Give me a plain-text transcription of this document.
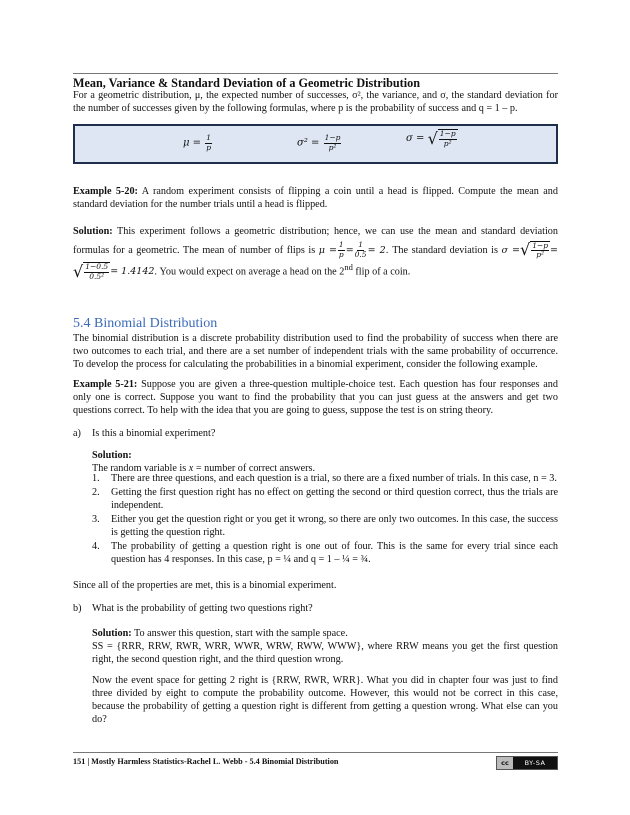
Mean, Variance & Standard Deviation of a Geometric Distribution

For a geometric distribution, μ, the expected number of successes, σ², the variance, and σ, the standard deviation for the number of successes given by the following formulas, where p is the probability of success and q = 1 – p.

$\mu = \frac{1}{p}$	$\sigma^2 = \frac{1-p}{\text{p²}}$	σ = √ $\frac{1-p}{\text{p²}}$

Example 5-20: A random experiment consists of flipping a coin until a head is flipped. Compute the mean and standard deviation for the number trials until a head is flipped.

Solution: This experiment follows a geometric distribution; hence, we can use the mean and standard deviation formulas for a geometric. The mean of number of flips is $\mu = \frac{1}{p} = \frac{1}{0.5} = 2$. The standard deviation is σ = √ $\frac{1-p}{\text{p²}}$ =
√ $\frac{1-0.5}{\text{0.5²}} = 1.4142$. You would expect on average a head on the 2nd flip of a coin.

5.4 Binomial Distribution

The binomial distribution is a discrete probability distribution used to find the probability of success when there are two outcomes to each trial, and there are a set number of independent trials with the same probability of occurrence. To develop the process for calculating the probabilities in a binomial experiment, consider the following example.

Example 5-21: Suppose you are given a three-question multiple-choice test. Each question has four responses and only one is correct. Suppose you want to find the probability that you can just guess at the answers and get two questions correct. To help with the idea that you are going to guess, suppose the test is on string theory.

a) Is this a binomial experiment?

Solution:
The random variable is x = number of correct answers.

1. There are three questions, and each question is a trial, so there are a fixed number of trials. In this case, n = 3.
2. Getting the first question right has no effect on getting the second or third question correct, thus the trials are independent.
3. Either you get the question right or you get it wrong, so there are only two outcomes. In this case, the success is getting the question right.
4. The probability of getting a question right is one out of four. This is the same for every trial since each question has 4 responses. In this case, p = ¼ and q = 1 – ¼ = ¾.

Since all of the properties are met, this is a binomial experiment.

b) What is the probability of getting two questions right?

Solution: To answer this question, start with the sample space.
SS = {RRR, RRW, RWR, WRR, WWR, WRW, RWW, WWW}, where RRW means you get the first question right, the second question right, and the third question wrong.

Now the event space for getting 2 right is {RRW, RWR, WRR}. What you did in chapter four was just to find three divided by eight to compute the probability outcome. However, this would not be correct in this case, because the probability of getting a question right is different from getting a question wrong. What else can you do?

151 | Mostly Harmless Statistics-Rachel L. Webb - 5.4 Binomial Distribution	cc	BY-SA
